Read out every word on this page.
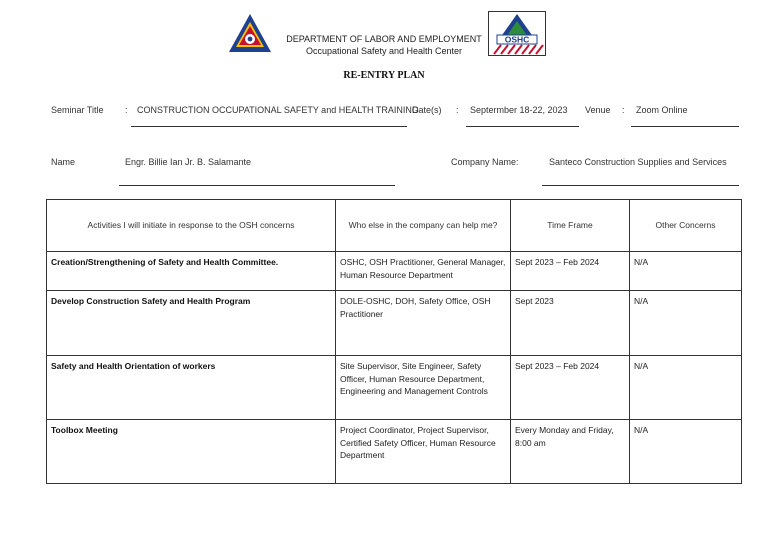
OSHC
DEPARTMENT OF LABOR AND EMPLOYMENT
Occupational Safety and Health Center
RE-ENTRY PLAN
Seminar Title : CONSTRUCTION OCCUPATIONAL SAFETY and HEALTH TRAINING
Date(s) : Septermber 18-22, 2023 Venue : Zoom Online
Name	Engr. Billie Ian Jr. B. Salamante	Company Name:	Santeco Construction Supplies and Services
Activities I will initiate in response to the OSH concerns	Who else in the company can help me?	Time Frame	Other Concerns
Creation/Strengthening of Safety and Health Committee.	OSHC, OSH Practitioner, General Manager, Human Resource Department	Sept 2023 – Feb 2024	N/A
Develop Construction Safety and Health Program	DOLE-OSHC, DOH, Safety Office, OSH Practitioner	Sept 2023	N/A
Safety and Health Orientation of workers	Site Supervisor, Site Engineer, Safety Officer, Human Resource Department, Engineering and Management Controls	Sept 2023 – Feb 2024	N/A
Toolbox Meeting	Project Coordinator, Project Supervisor, Certified Safety Officer, Human Resource Department	Every Monday and Friday, 8:00 am	N/A
